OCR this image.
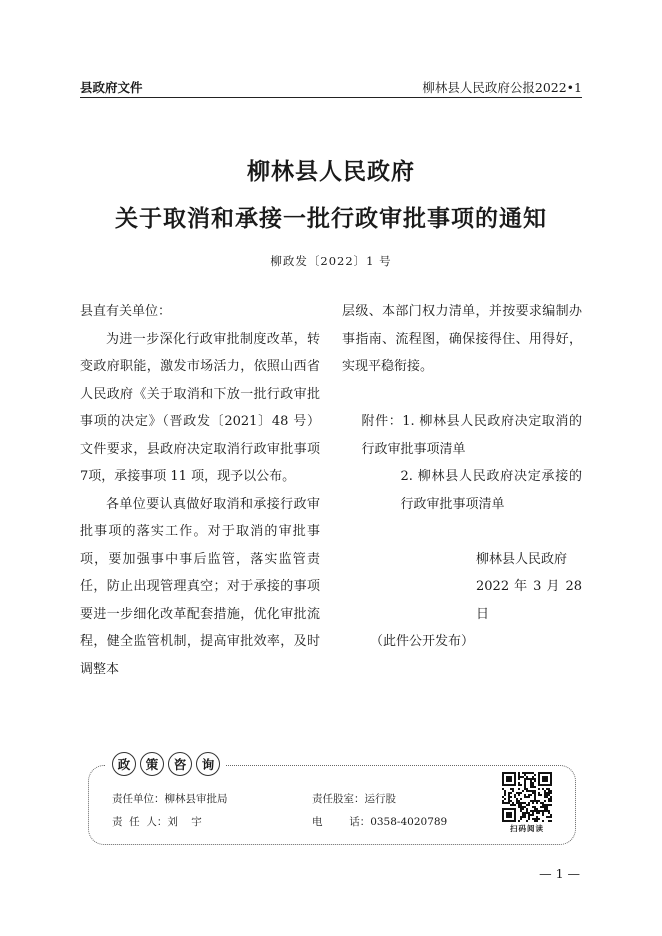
县政府文件	柳林县人民政府公报2022•1
柳林县人民政府
关于取消和承接一批行政审批事项的通知
柳政发〔2022〕1 号

县直有关单位：

为进一步深化行政审批制度改革，转变政府职能，激发市场活力，依照山西省人民政府《关于取消和下放一批行政审批事项的决定》（晋政发〔2021〕48 号）文件要求，县政府决定取消行政审批事项 7项，承接事项 11 项，现予以公布。

各单位要认真做好取消和承接行政审批事项的落实工作。对于取消的审批事项，要加强事中事后监管，落实监管责任，防止出现管理真空；对于承接的事项要进一步细化改革配套措施，优化审批流程，健全监管机制，提高审批效率，及时调整本

层级、本部门权力清单，并按要求编制办事指南、流程图，确保接得住、用得好，实现平稳衔接。

附件：1. 柳林县人民政府决定取消的行政审批事项清单

2. 柳林县人民政府决定承接的行政审批事项清单

柳林县人民政府

2022 年 3 月 28 日

（此件公开发布）

政	策	咨	询
责任单位：柳林县审批局	责任股室：运行股
责  任  人：刘    宇	电        话：0358-4020789
扫码阅读
— 1 —
